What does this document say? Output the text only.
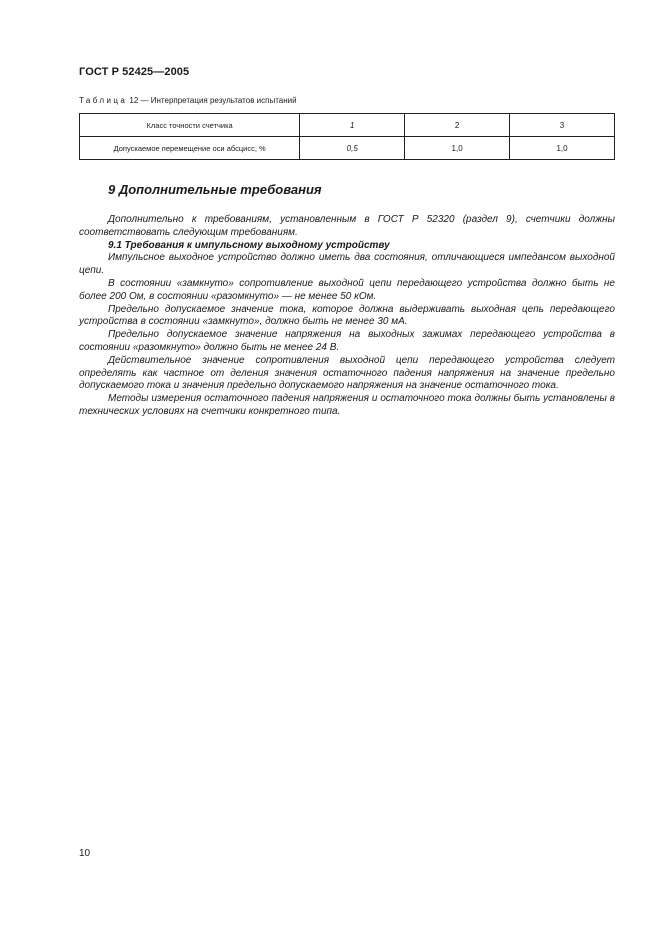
ГОСТ Р 52425—2005
Таблица 12 — Интерпретация результатов испытаний
Класс точности счетчика	1	2	3
Допускаемое перемещение оси абсцисс, %	0,5	1,0	1,0
9 Дополнительные требования

Дополнительно к требованиям, установленным в ГОСТ Р 52320 (раздел 9), счетчики должны соответствовать следующим требованиям.

9.1 Требования к импульсному выходному устройству

Импульсное выходное устройство должно иметь два состояния, отличающиеся импедансом выходной цепи.

В состоянии «замкнуто» сопротивление выходной цепи передающего устройства должно быть не более 200 Ом, в состоянии «разомкнуто» — не менее 50 кОм.

Предельно допускаемое значение тока, которое должна выдерживать выходная цепь передающего устройства в состоянии «замкнуто», должно быть не менее 30 мА.

Предельно допускаемое значение напряжения на выходных зажимах передающего устройства в состоянии «разомкнуто» должно быть не менее 24 В.

Действительное значение сопротивления выходной цепи передающего устройства следует определять как частное от деления значения остаточного падения напряжения на значение предельно допускаемого тока и значения предельно допускаемого напряжения на значение остаточного тока.

Методы измерения остаточного падения напряжения и остаточного тока должны быть установлены в технических условиях на счетчики конкретного типа.

10
